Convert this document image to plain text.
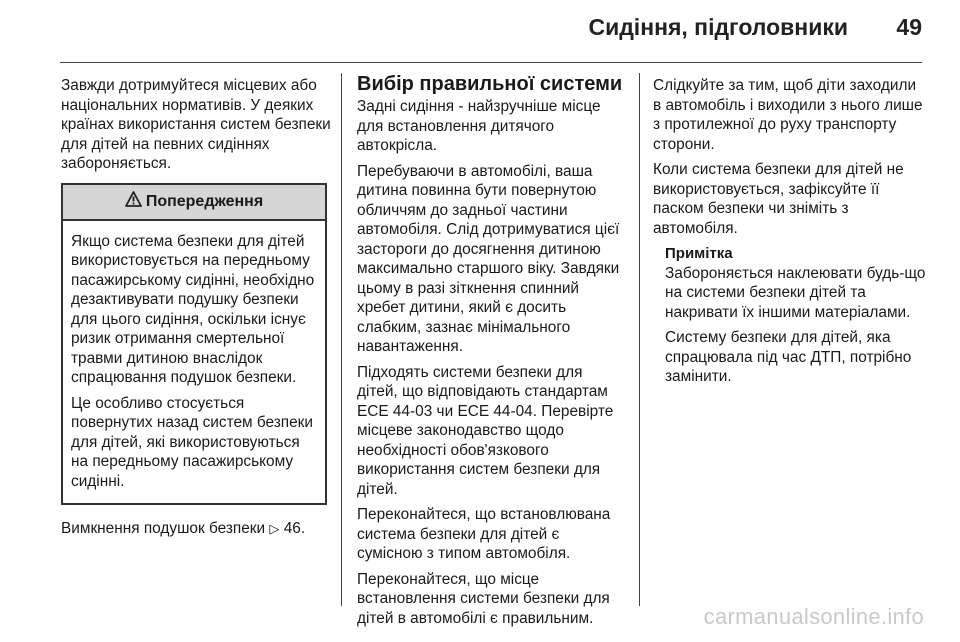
Сидіння, підголовники 49

Завжди дотримуйтеся місцевих або національних нормативів. У деяких країнах використання систем безпеки для дітей на певних сидіннях забороняється.

Попередження

Якщо система безпеки для дітей використовується на передньому пасажирському сидінні, необхідно дезактивувати подушку безпеки для цього сидіння, оскільки існує ризик отримання смертельної травми дитиною внаслідок спрацювання подушок безпеки.

Це особливо стосується повернутих назад систем безпеки для дітей, які використовуються на передньому пасажирському сидінні.

Вимкнення подушок безпеки ▷ 46.

Вибір правильної системи

Задні сидіння - найзручніше місце для встановлення дитячого автокрісла.

Перебуваючи в автомобілі, ваша дитина повинна бути повернутою обличчям до задньої частини автомобіля. Слід дотримуватися цієї застороги до досягнення дитиною максимально старшого віку. Завдяки цьому в разі зіткнення спинний хребет дитини, який є досить слабким, зазнає мінімального навантаження.

Підходять системи безпеки для дітей, що відповідають стандартам ЕСЕ 44-03 чи ЕСЕ 44-04. Перевірте місцеве законодавство щодо необхідності обов'язкового використання систем безпеки для дітей.

Переконайтеся, що встановлювана система безпеки для дітей є сумісною з типом автомобіля.

Переконайтеся, що місце встановлення системи безпеки для дітей в автомобілі є правильним.

Слідкуйте за тим, щоб діти заходили в автомобіль і виходили з нього лише з протилежної до руху транспорту сторони.

Коли система безпеки для дітей не використовується, зафіксуйте її паском безпеки чи зніміть з автомобіля.

Примітка

Забороняється наклеювати будь-що на системи безпеки дітей та накривати їх іншими матеріалами.

Систему безпеки для дітей, яка спрацювала під час ДТП, потрібно замінити.

carmanualsonline.info
